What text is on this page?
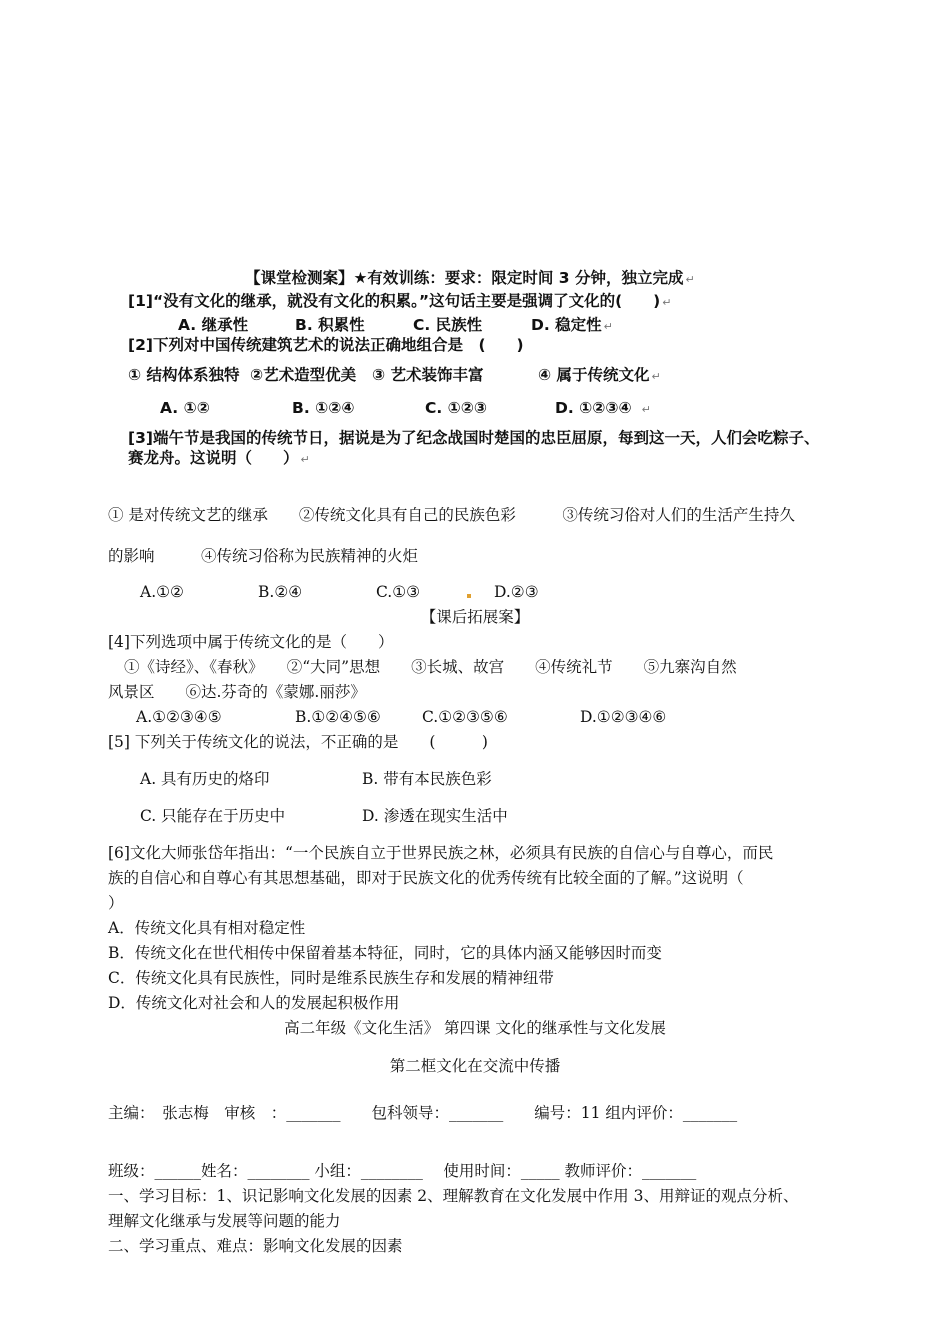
【课堂检测案】★有效训练：要求：限定时间 3 分钟，独立完成 ↵
[1]“没有文化的继承，就没有文化的积累。”这句话主要是强调了文化的(　　) ↵
A. 继承性	B. 积累性	C. 民族性	D. 稳定性 ↵
[2]下列对中国传统建筑艺术的说法正确地组合是　(　　)
① 结构体系独特 ②艺术造型优美 ③ 艺术装饰丰富	④ 属于传统文化 ↵
A. ①②	B. ①②④	C. ①②③	D. ①②③④ ↵
[3]端午节是我国的传统节日，据说是为了纪念战国时楚国的忠臣屈原，每到这一天，人们会吃粽子、
赛龙舟。这说明（　　） ↵
① 是对传统文艺的继承　　②传统文化具有自己的民族色彩　　　③传统习俗对人们的生活产生持久
的影响　　　④传统习俗称为民族精神的火炬
A.①②	B.②④	C.①③	D.②③
【课后拓展案】
[4]下列选项中属于传统文化的是（　　）
①《诗经》、《春秋》　　②“大同”思想　　③长城、故宫　　④传统礼节　　⑤九寨沟自然
风景区　　⑥达.芬奇的《蒙娜.丽莎》
A.①②③④⑤	B.①②④⑤⑥	C.①②③⑤⑥	D.①②③④⑥
[5] 下列关于传统文化的说法，不正确的是　　(　　　)
A. 具有历史的烙印	B. 带有本民族色彩
C. 只能存在于历史中	D. 渗透在现实生活中
[6]文化大师张岱年指出：“一个民族自立于世界民族之林，必须具有民族的自信心与自尊心，而民
族的自信心和自尊心有其思想基础，即对于民族文化的优秀传统有比较全面的了解。”这说明（
）
A．传统文化具有相对稳定性
B．传统文化在世代相传中保留着基本特征，同时，它的具体内涵又能够因时而变
C．传统文化具有民族性，同时是维系民族生存和发展的精神纽带
D．传统文化对社会和人的发展起积极作用
高二年级《文化生活》 第四课 文化的继承性与文化发展
第二框文化在交流中传播
主编：　张志梅　审核　：_______　　包科领导：_______　　编号：11 组内评价：_______
班级：______姓名：________ 小组：________　 使用时间：_____ 教师评价：_______
一、学习目标：1、识记影响文化发展的因素 2、理解教育在文化发展中作用 3、用辩证的观点分析、
理解文化继承与发展等问题的能力
二、学习重点、难点：影响文化发展的因素
